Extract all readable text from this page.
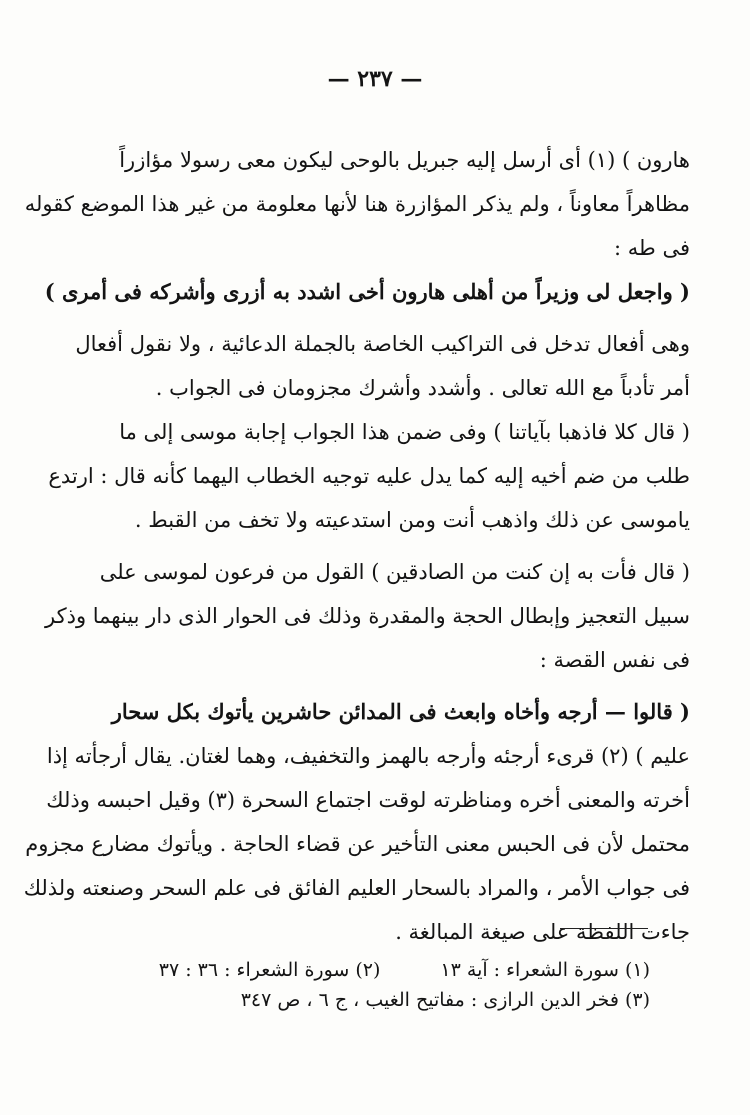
— ٢٣٧ —
هارون ) (١) أى أرسل إليه جبريل بالوحى ليكون معى رسولا مؤازراً
مظاهراً معاوناً ، ولم يذكر المؤازرة هنا لأنها معلومة من غير هذا الموضع كقوله
فى طه :
( واجعل لى وزيراً من أهلى هارون أخى اشدد به أزرى وأشركه فى أمرى )
وهى أفعال تدخل فى التراكيب الخاصة بالجملة الدعائية ، ولا نقول أفعال
أمر تأدباً مع الله تعالى . وأشدد وأشرك مجزومان فى الجواب .
( قال كلا فاذهبا بآياتنا ) وفى ضمن هذا الجواب إجابة موسى إلى ما
طلب من ضم أخيه إليه كما يدل عليه توجيه الخطاب اليهما كأنه قال : ارتدع
ياموسى عن ذلك واذهب أنت ومن استدعيته ولا تخف من القبط .
( قال فأت به إن كنت من الصادقين ) القول من فرعون لموسى على
سبيل التعجيز وإبطال الحجة والمقدرة وذلك فى الحوار الذى دار بينهما وذكر
فى نفس القصة :
( قالوا — أرجه وأخاه وابعث فى المدائن حاشرين يأتوك بكل سحار
عليم ) (٢) قرىء أرجئه وأرجه بالهمز والتخفيف، وهما لغتان. يقال أرجأته إذا
أخرته والمعنى أخره ومناظرته لوقت اجتماع السحرة (٣) وقيل احبسه وذلك
محتمل لأن فى الحبس معنى التأخير عن قضاء الحاجة . ويأتوك مضارع مجزوم
فى جواب الأمر ، والمراد بالسحار العليم الفائق فى علم السحر وصنعته ولذلك
جاءت اللفظة على صيغة المبالغة .
(١) سورة الشعراء : آية ١٣(٢) سورة الشعراء : ٣٦ : ٣٧
(٣) فخر الدين الرازى : مفاتيح الغيب ، ج ٦ ، ص ٣٤٧
